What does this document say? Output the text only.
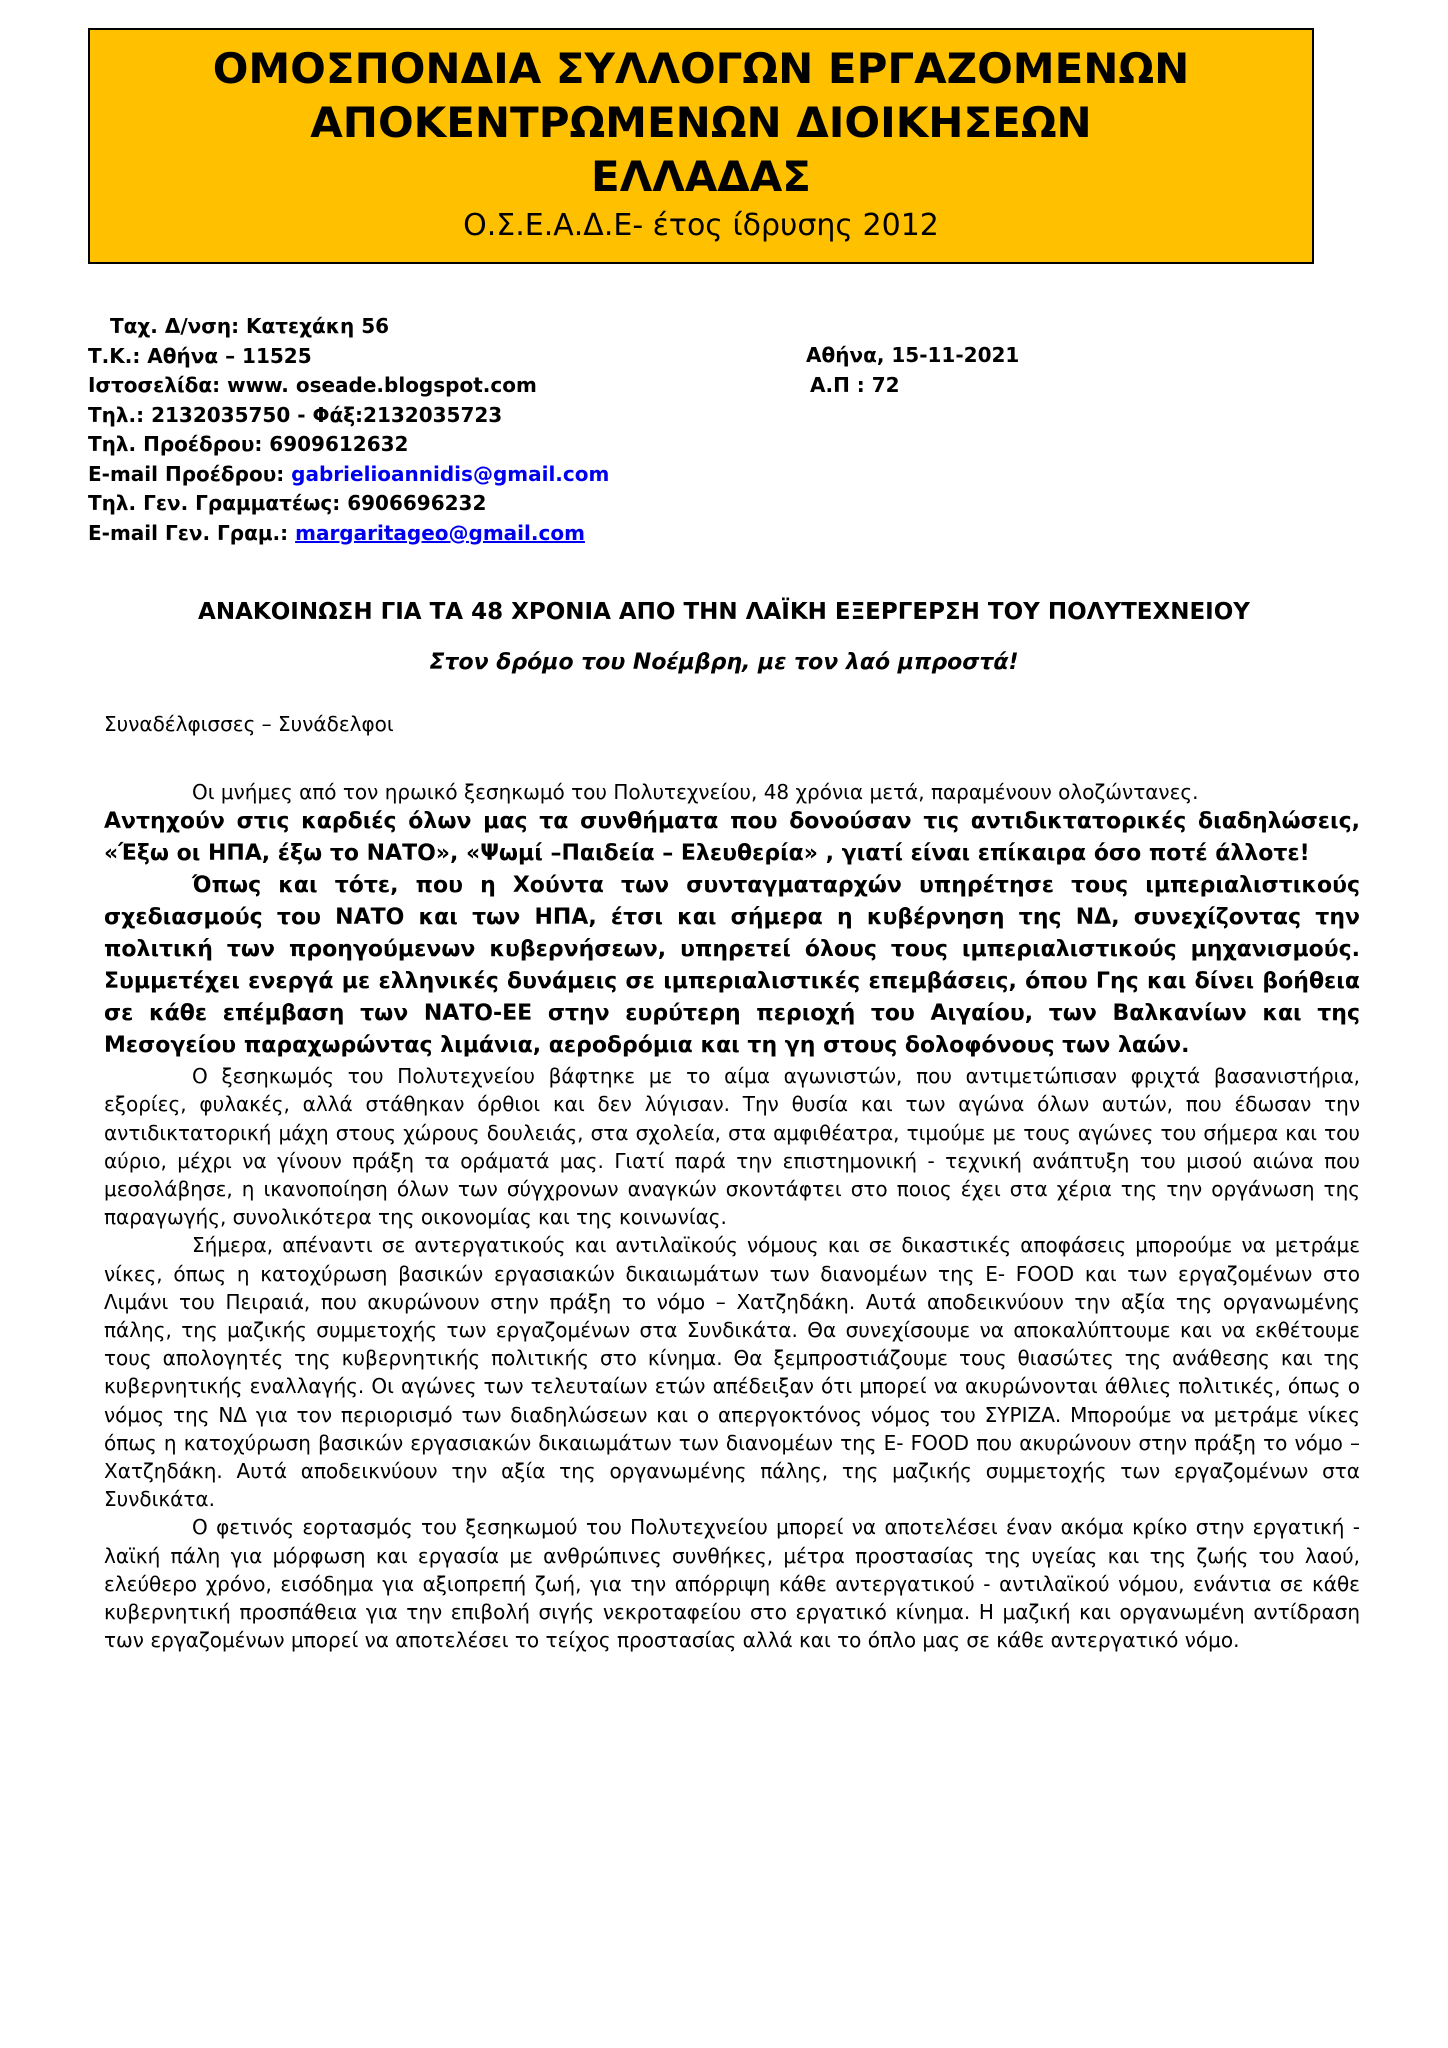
ΟΜΟΣΠΟΝΔΙΑ ΣΥΛΛΟΓΩΝ ΕΡΓΑΖΟΜΕΝΩΝ
ΑΠΟΚΕΝΤΡΩΜΕΝΩΝ ΔΙΟΙΚΗΣΕΩΝ
ΕΛΛΑΔΑΣ
Ο.Σ.Ε.Α.Δ.Ε- έτος ίδρυσης 2012
Ταχ. Δ/νση: Κατεχάκη 56
Τ.Κ.: Αθήνα – 11525
Ιστοσελίδα: www. oseade.blogspot.com
Τηλ.: 2132035750 - Φάξ:2132035723
Τηλ. Προέδρου: 6909612632
E-mail Προέδρου: gabrielioannidis@gmail.com
Τηλ. Γεν. Γραμματέως: 6906696232
E-mail Γεν. Γραμ.: margaritageo@gmail.com
Αθήνα, 15-11-2021
Α.Π : 72
ΑΝΑΚΟΙΝΩΣΗ ΓΙΑ ΤΑ 48 ΧΡΟΝΙΑ ΑΠΟ ΤΗΝ ΛΑΪΚΗ ΕΞΕΡΓΕΡΣΗ ΤΟΥ ΠΟΛΥΤΕΧΝΕΙΟΥ
Στον δρόμο του Νοέμβρη, με τον λαό μπροστά!
Συναδέλφισσες – Συνάδελφοι

Οι μνήμες από τον ηρωικό ξεσηκωμό του Πολυτεχνείου, 48 χρόνια μετά, παραμένουν ολοζώντανες.

Αντηχούν στις καρδιές όλων μας τα συνθήματα που δονούσαν τις αντιδικτατορικές διαδηλώσεις, «Έξω οι ΗΠΑ, έξω το ΝΑΤΟ», «Ψωμί –Παιδεία – Ελευθερία» , γιατί είναι επίκαιρα όσο ποτέ άλλοτε!

Όπως και τότε, που η Χούντα των συνταγματαρχών υπηρέτησε τους ιμπεριαλιστικούς σχεδιασμούς του ΝΑΤΟ και των ΗΠΑ, έτσι και σήμερα η κυβέρνηση της ΝΔ, συνεχίζοντας την πολιτική των προηγούμενων κυβερνήσεων, υπηρετεί όλους τους ιμπεριαλιστικούς μηχανισμούς. Συμμετέχει ενεργά με ελληνικές δυνάμεις σε ιμπεριαλιστικές επεμβάσεις, όπου Γης και δίνει βοήθεια σε κάθε επέμβαση των ΝΑΤΟ-ΕΕ στην ευρύτερη περιοχή του Αιγαίου, των Βαλκανίων και της Μεσογείου παραχωρώντας λιμάνια, αεροδρόμια και τη γη στους δολοφόνους των λαών.

Ο ξεσηκωμός του Πολυτεχνείου βάφτηκε με το αίμα αγωνιστών, που αντιμετώπισαν φριχτά βασανιστήρια, εξορίες, φυλακές, αλλά στάθηκαν όρθιοι και δεν λύγισαν. Την θυσία και των αγώνα όλων αυτών, που έδωσαν την αντιδικτατορική μάχη στους χώρους δουλειάς, στα σχολεία, στα αμφιθέατρα, τιμούμε με τους αγώνες του σήμερα και του αύριο, μέχρι να γίνουν πράξη τα οράματά μας. Γιατί παρά την επιστημονική - τεχνική ανάπτυξη του μισού αιώνα που μεσολάβησε, η ικανοποίηση όλων των σύγχρονων αναγκών σκοντάφτει στο ποιος έχει στα χέρια της την οργάνωση της παραγωγής, συνολικότερα της οικονομίας και της κοινωνίας.

Σήμερα, απέναντι σε αντεργατικούς και αντιλαϊκούς νόμους και σε δικαστικές αποφάσεις μπορούμε να μετράμε νίκες, όπως η κατοχύρωση βασικών εργασιακών δικαιωμάτων των διανομέων της E- FOOD και των εργαζομένων στο Λιμάνι του Πειραιά, που ακυρώνουν στην πράξη το νόμο – Χατζηδάκη. Αυτά αποδεικνύουν την αξία της οργανωμένης πάλης, της μαζικής συμμετοχής των εργαζομένων στα Συνδικάτα. Θα συνεχίσουμε να αποκαλύπτουμε και να εκθέτουμε τους απολογητές της κυβερνητικής πολιτικής στο κίνημα. Θα ξεμπροστιάζουμε τους θιασώτες της ανάθεσης και της κυβερνητικής εναλλαγής. Οι αγώνες των τελευταίων ετών απέδειξαν ότι μπορεί να ακυρώνονται άθλιες πολιτικές, όπως ο νόμος της ΝΔ για τον περιορισμό των διαδηλώσεων και ο απεργοκτόνος νόμος του ΣΥΡΙΖΑ. Μπορούμε να μετράμε νίκες όπως η κατοχύρωση βασικών εργασιακών δικαιωμάτων των διανομέων της E- FOOD που ακυρώνουν στην πράξη το νόμο – Χατζηδάκη. Αυτά αποδεικνύουν την αξία της οργανωμένης πάλης, της μαζικής συμμετοχής των εργαζομένων στα Συνδικάτα.

Ο φετινός εορτασμός του ξεσηκωμού του Πολυτεχνείου μπορεί να αποτελέσει έναν ακόμα κρίκο στην εργατική - λαϊκή πάλη για μόρφωση και εργασία με ανθρώπινες συνθήκες, μέτρα προστασίας της υγείας και της ζωής του λαού, ελεύθερο χρόνο, εισόδημα για αξιοπρεπή ζωή, για την απόρριψη κάθε αντεργατικού - αντιλαϊκού νόμου, ενάντια σε κάθε κυβερνητική προσπάθεια για την επιβολή σιγής νεκροταφείου στο εργατικό κίνημα. Η μαζική και οργανωμένη αντίδραση των εργαζομένων μπορεί να αποτελέσει το τείχος προστασίας αλλά και το όπλο μας σε κάθε αντεργατικό νόμο.
